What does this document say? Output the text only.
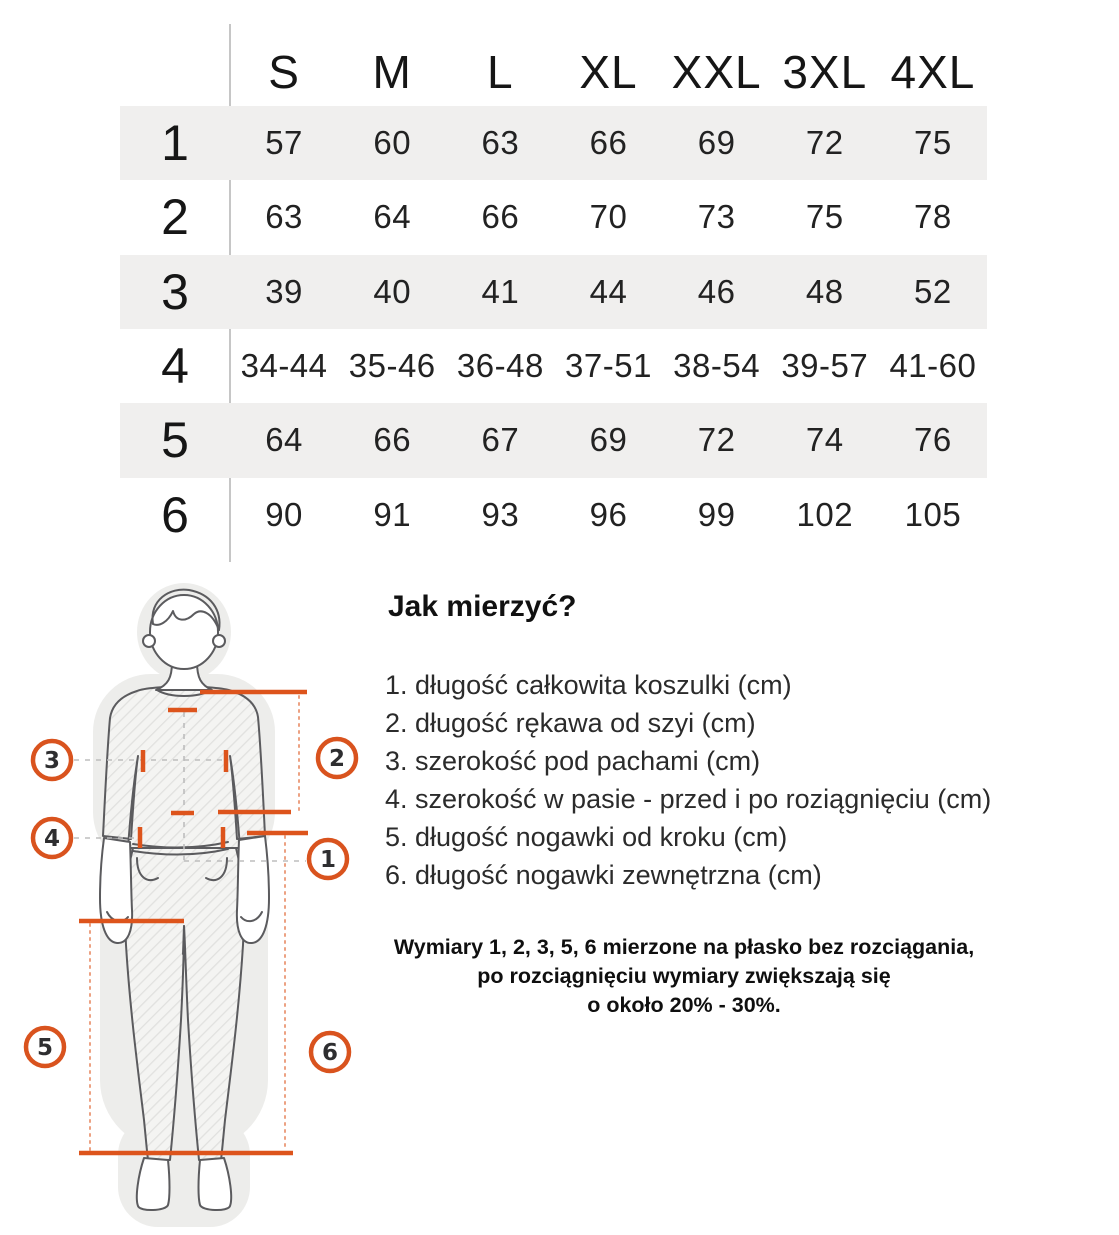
S	M	L	XL XXL 3XL 4XL
1	57	60	63	66	69	72	75
2	63	64	66	70	73	75	78
3	39	40	41	44	46	48	52
4	34-44 35-46 36-48 37-51 38-54 39-57 41-60
5	64	66	67	69	72	74	76
6	90	91	93	96	99	102	105
3
4
2
1
5	6
Jak mierzyć?
1. długość całkowita koszulki (cm)
2. długość rękawa od szyi (cm)
3. szerokość pod pachami (cm)
4. szerokość w pasie - przed i po roziągnięciu (cm)
5. długość nogawki od kroku (cm)
6. długość nogawki zewnętrzna (cm)
Wymiary 1, 2, 3, 5, 6 mierzone na płasko bez rozciągania,
po rozciągnięciu wymiary zwiększają się
o około 20% - 30%.
